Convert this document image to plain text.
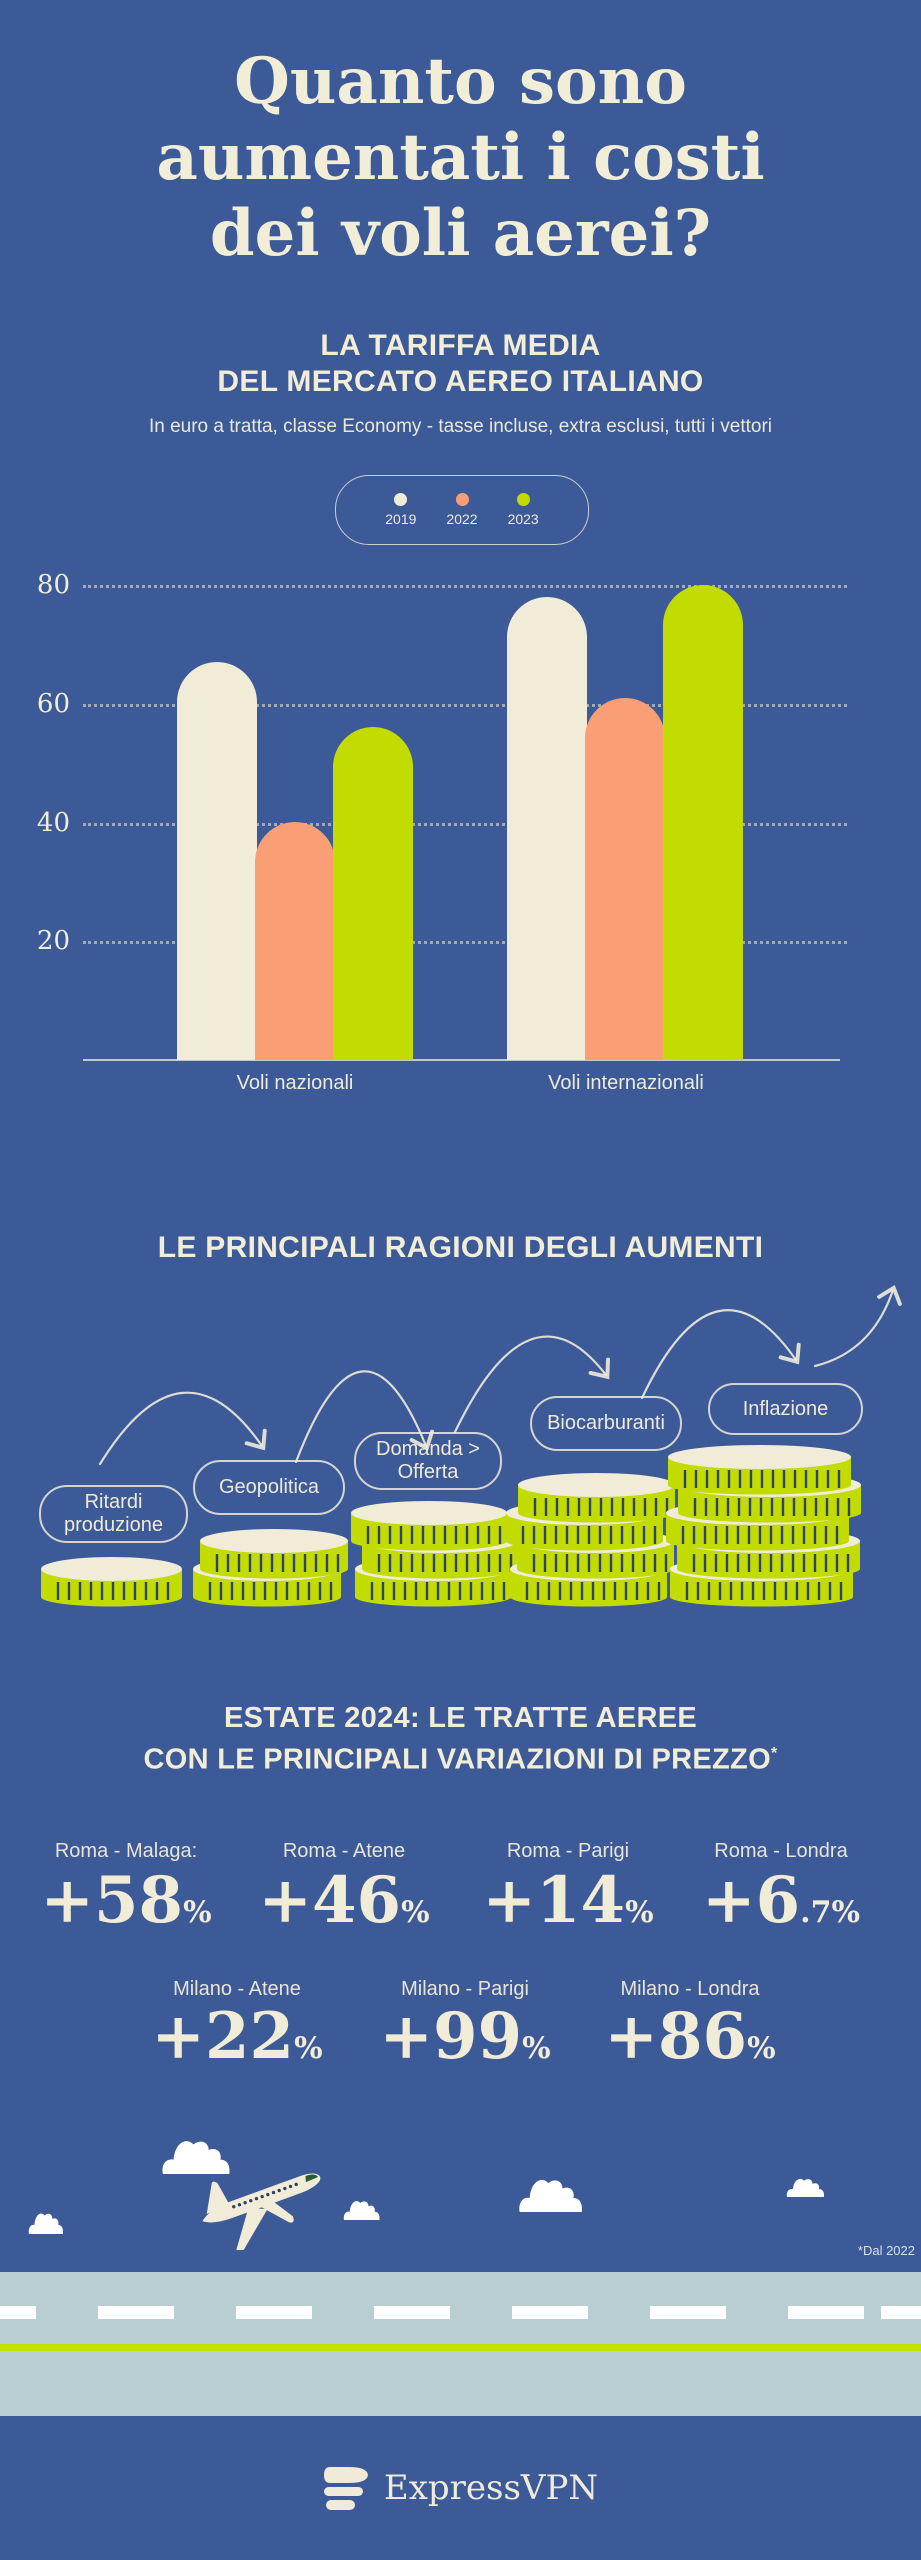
Quanto sono
aumentati i costi
dei voli aerei?
LA TARIFFA MEDIA
DEL MERCATO AEREO ITALIANO
In euro a tratta, classe Economy - tasse incluse, extra esclusi, tutti i vettori
2019 2022 2023
20
40
60
80
Voli nazionali	Voli internazionali
LE PRINCIPALI RAGIONI DEGLI AUMENTI
Ritardi produzione
Geopolitica
Domanda > Offerta
Biocarburanti
Inflazione
ESTATE 2024: LE TRATTE AEREE
CON LE PRINCIPALI VARIAZIONI DI PREZZO*
Roma - Malaga:
+58%
Roma - Atene
+46%
Roma - Parigi
+14%
Roma - Londra
+6.7%
Milano - Atene
+22%
Milano - Parigi
+99%
Milano - Londra
+86%
*Dal 2022
ExpressVPN
